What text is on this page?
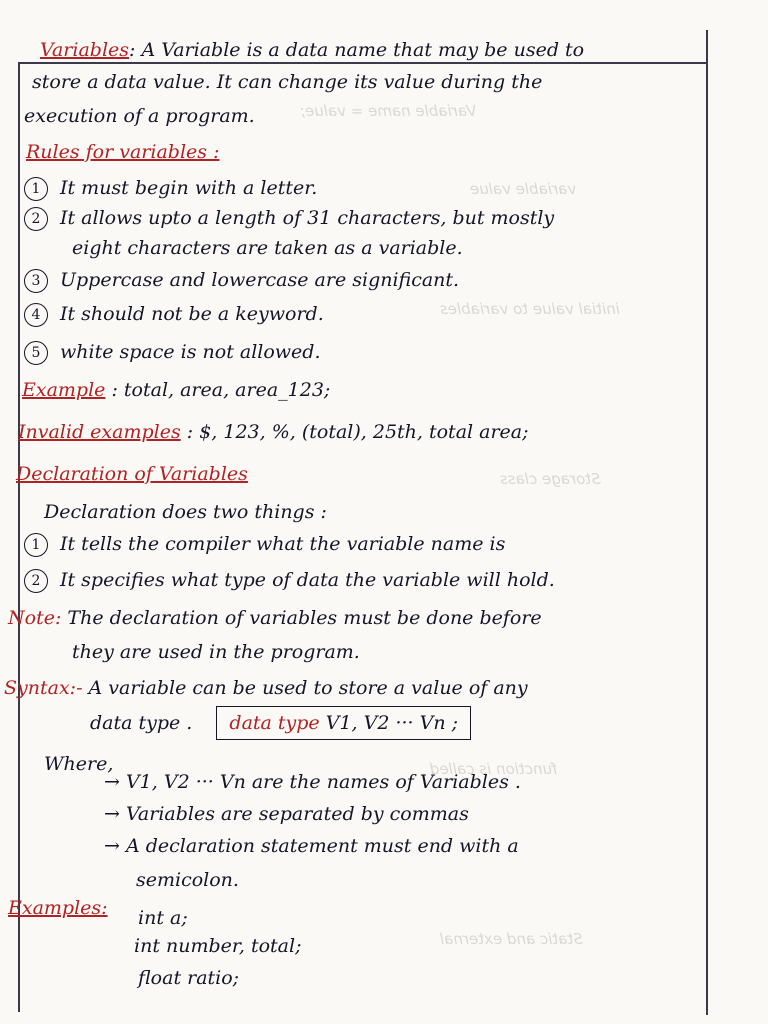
Variable name = value;
variable value
initial value to variables
Storage class
function is called
Static and external
Variables: A Variable is a data name that may be used to
store a data value. It can change its value during the
execution of a program.
Rules for variables :
1 It must begin with a letter.
2 It allows upto a length of 31 characters, but mostly
eight characters are taken as a variable.
3 Uppercase and lowercase are significant.
4 It should not be a keyword.
5 white space is not allowed.
Example : total, area, area_123;
Invalid examples : $, 123, %, (total), 25th, total area;
Declaration of Variables
Declaration does two things :
1 It tells the compiler what the variable name is
2 It specifies what type of data the variable will hold.
Note: The declaration of variables must be done before
they are used in the program.
Syntax:- A variable can be used to store a value of any
data type . data type V1, V2 ··· Vn ;
Where,
→ V1, V2 ··· Vn are the names of Variables .
→ Variables are separated by commas
→ A declaration statement must end with a
semicolon.
Examples: int a;
int number, total;
float ratio;
